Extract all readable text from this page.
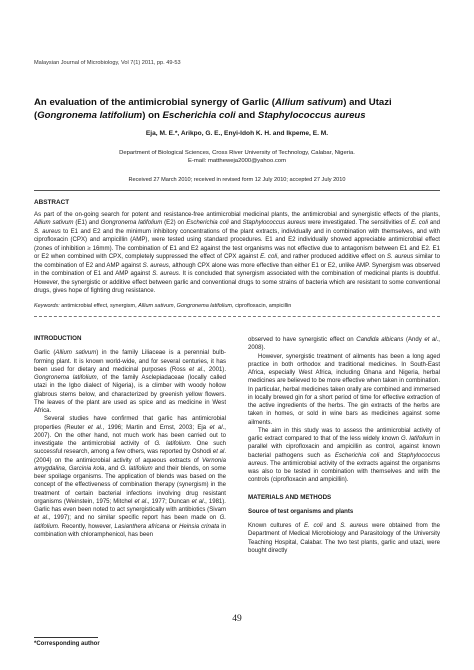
Malaysian Journal of Microbiology, Vol 7(1) 2011, pp. 49-53
An evaluation of the antimicrobial synergy of Garlic (Allium sativum) and Utazi (Gongronema latifolium) on Escherichia coli and Staphylococcus aureus
Eja, M. E.*, Arikpo, G. E., Enyi-Idoh K. H. and Ikpeme, E. M.
Department of Biological Sciences, Cross River University of Technology, Calabar, Nigeria.
E-mail: mattheweja2000@yahoo.com
Received 27 March 2010; received in revised form 12 July 2010; accepted 27 July 2010
ABSTRACT

As part of the on-going search for potent and resistance-free antimicrobial medicinal plants, the antimicrobial and synergistic effects of the plants, Allium sativum (E1) and Gongronema latifolium (E2) on Escherichia coli and Staphylococcus aureus were investigated. The sensitivities of E. coli and S. aureus to E1 and E2 and the minimum inhibitory concentrations of the plant extracts, individually and in combination with themselves, and with ciprofloxacin (CPX) and ampicillin (AMP), were tested using standard procedures. E1 and E2 individually showed appreciable antimicrobial effect (zones of inhibition ≥ 16mm). The combination of E1 and E2 against the test organisms was not effective due to antagonism between E1 and E2. E1 or E2 when combined with CPX, completely suppressed the effect of CPX against E. coli, and rather produced additive effect on S. aureus similar to the combination of E2 and AMP against S. aureus, although CPX alone was more effective than either E1 or E2, unlike AMP. Synergism was observed in the combination of E1 and AMP against S. aureus. It is concluded that synergism associated with the combination of medicinal plants is doubtful. However, the synergistic or additive effect between garlic and conventional drugs to some strains of bacteria which are resistant to some conventional drugs, gives hope of fighting drug resistance.

Keywords: antimicrobial effect, synergism, Allium sativum, Gongronema latifolium, ciprofloxacin, ampicillin
INTRODUCTION

Garlic (Allium sativum) in the family Liliaceae is a perennial bulb-forming plant. It is known world-wide, and for several centuries, it has been used for dietary and medicinal purposes (Ross et al., 2001). Gongronema latifolium, of the family Asclepiadaceae (locally called utazi in the Igbo dialect of Nigeria), is a climber with woody hollow glabrous stems below, and characterized by greenish yellow flowers. The leaves of the plant are used as spice and as medicine in West Africa.

Several studies have confirmed that garlic has antimicrobial properties (Reuter et al., 1996; Martin and Ernst, 2003; Eja et al., 2007). On the other hand, not much work has been carried out to investigate the antimicrobial activity of G. latifolium. One such successful research, among a few others, was reported by Oshodi et al. (2004) on the antimicrobial activity of aqueous extracts of Vernonia amygdalina, Garcinia kola, and G. latifolium and their blends, on some beer spoilage organisms. The application of blends was based on the concept of the effectiveness of combination therapy (synergism) in the treatment of certain bacterial infections involving drug resistant organisms (Weinstein, 1975; Mitchel et al., 1977; Duncan et al., 1981). Garlic has even been noted to act synergistically with antibiotics (Sivam et al., 1997); and no similar specific report has been made on G. latifolium. Recently, however, Lasianthera africana or Heinsia crinata in combination with chloramphenicol, has been

observed to have synergistic effect on Candida albicans (Andy et al., 2008).

However, synergistic treatment of ailments has been a long aged practice in both orthodox and traditional medicines. In South-East Africa, especially West Africa, including Ghana and Nigeria, herbal medicines are believed to be more effective when taken in combination. In particular, herbal medicines taken orally are combined and immersed in locally brewed gin for a short period of time for effective extraction of the active ingredients of the herbs. The gin extracts of the herbs are taken in homes, or sold in wine bars as medicines against some ailments.

The aim in this study was to assess the antimicrobial activity of garlic extract compared to that of the less widely known G. latifolium in parallel with ciprofloxacin and ampicillin as control, against known bacterial pathogens such as Escherichia coli and Staphylococcus aureus. The antimicrobial activity of the extracts against the organisms was also to be tested in combination with themselves and with the controls (ciprofloxacin and ampicillin).

MATERIALS AND METHODS
Source of test organisms and plants

Known cultures of E. coli and S. aureus were obtained from the Department of Medical Microbiology and Parasitology of the University Teaching Hospital, Calabar. The two test plants, garlic and utazi, were bought directly

49
*Corresponding author
